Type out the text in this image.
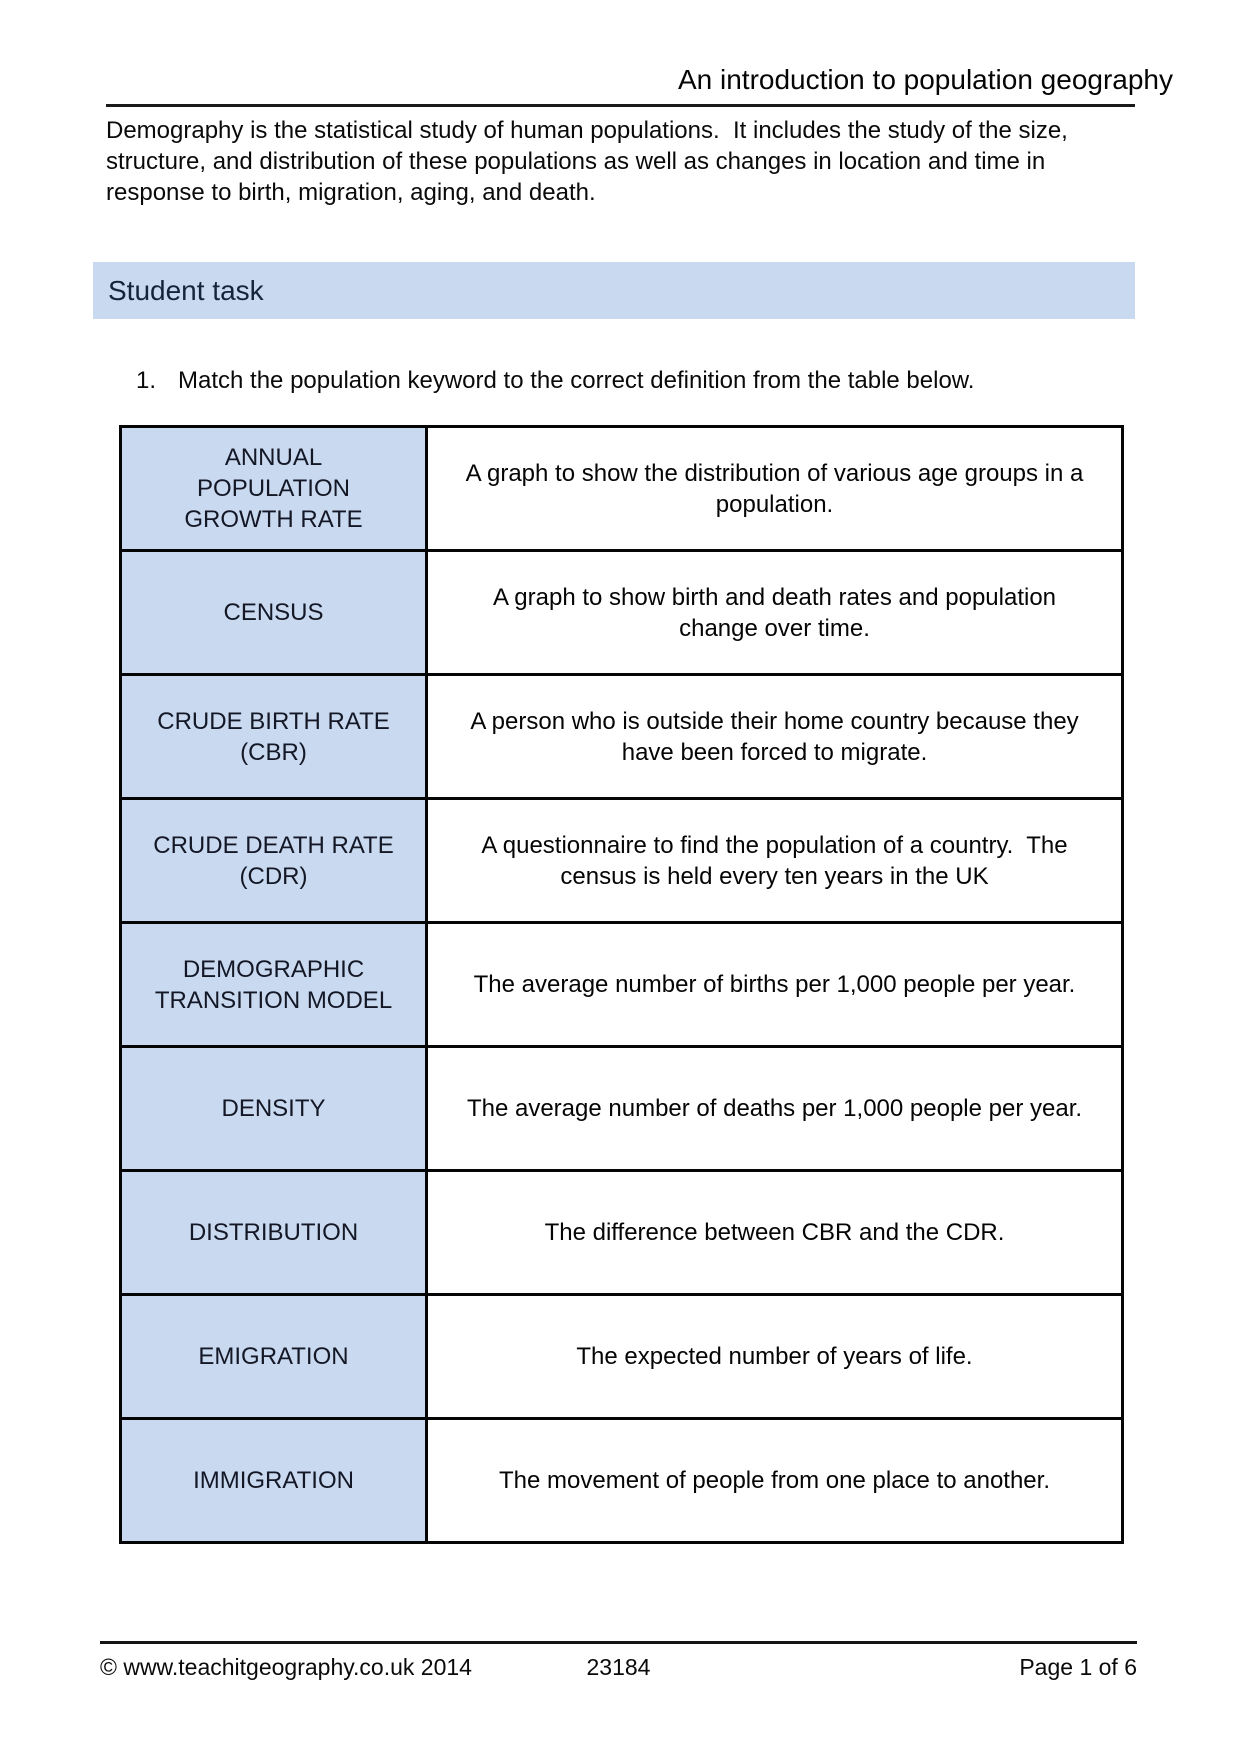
An introduction to population geography

Demography is the statistical study of human populations.  It includes the study of the size, structure, and distribution of these populations as well as changes in location and time in response to birth, migration, aging, and death.

Student task
1. Match the population keyword to the correct definition from the table below.
ANNUAL POPULATION GROWTH RATE	A graph to show the distribution of various age groups in a population.
CENSUS	A graph to show birth and death rates and population change over time.
CRUDE BIRTH RATE (CBR)	A person who is outside their home country because they have been forced to migrate.
CRUDE DEATH RATE (CDR)	A questionnaire to find the population of a country.  The census is held every ten years in the UK
DEMOGRAPHIC TRANSITION MODEL	The average number of births per 1,000 people per year.
DENSITY	The average number of deaths per 1,000 people per year.
DISTRIBUTION	The difference between CBR and the CDR.
EMIGRATION	The expected number of years of life.
IMMIGRATION	The movement of people from one place to another.
© www.teachitgeography.co.uk 2014	23184	Page 1 of 6
